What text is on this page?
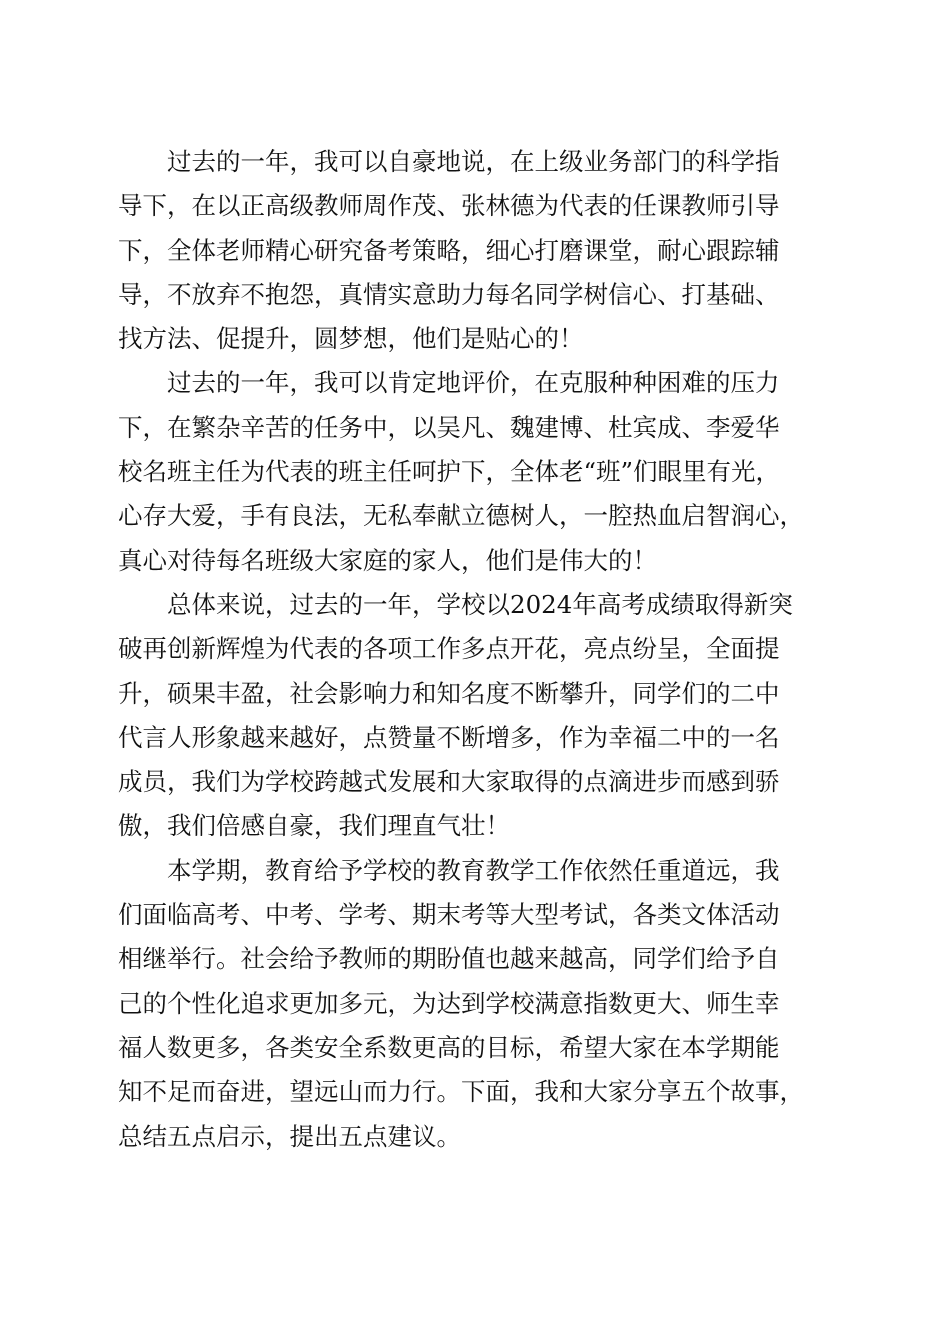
过去的一年，我可以自豪地说，在上级业务部门的科学指
导下，在以正高级教师周作茂、张林德为代表的任课教师引导
下，全体老师精心研究备考策略，细心打磨课堂，耐心跟踪辅
导，不放弃不抱怨，真情实意助力每名同学树信心、打基础、
找方法、促提升，圆梦想，他们是贴心的！
过去的一年，我可以肯定地评价，在克服种种困难的压力
下，在繁杂辛苦的任务中，以吴凡、魏建博、杜宾成、李爱华
校名班主任为代表的班主任呵护下，全体老“班”们眼里有光，
心存大爱，手有良法，无私奉献立德树人，一腔热血启智润心，
真心对待每名班级大家庭的家人，他们是伟大的！
总体来说，过去的一年，学校以2024年高考成绩取得新突
破再创新辉煌为代表的各项工作多点开花，亮点纷呈，全面提
升，硕果丰盈，社会影响力和知名度不断攀升，同学们的二中
代言人形象越来越好，点赞量不断增多，作为幸福二中的一名
成员，我们为学校跨越式发展和大家取得的点滴进步而感到骄
傲，我们倍感自豪，我们理直气壮！
本学期，教育给予学校的教育教学工作依然任重道远，我
们面临高考、中考、学考、期末考等大型考试，各类文体活动
相继举行。社会给予教师的期盼值也越来越高，同学们给予自
己的个性化追求更加多元，为达到学校满意指数更大、师生幸
福人数更多，各类安全系数更高的目标，希望大家在本学期能
知不足而奋进，望远山而力行。下面，我和大家分享五个故事，
总结五点启示，提出五点建议。
